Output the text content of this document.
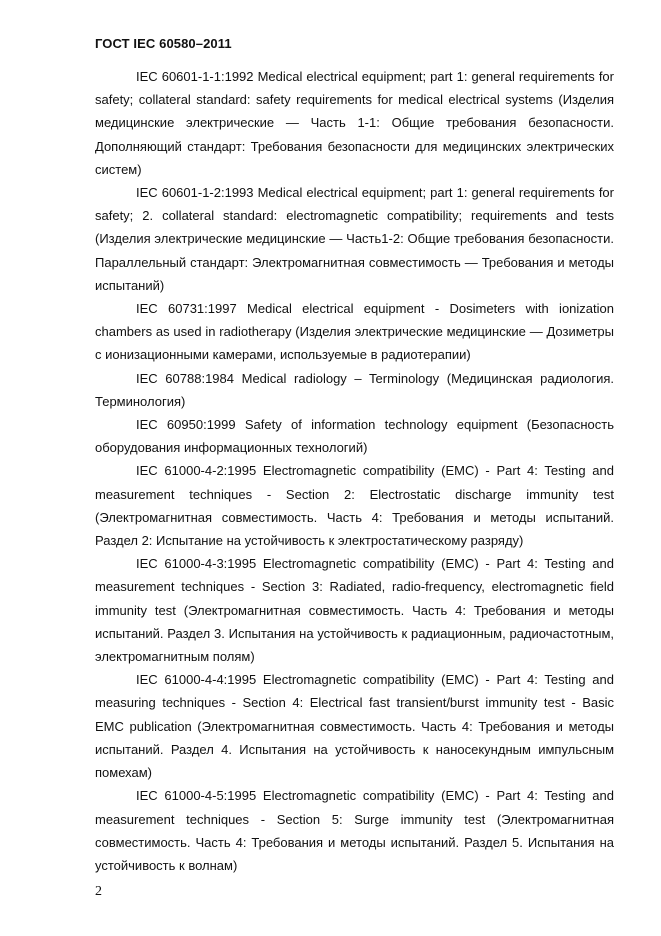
ГОСТ IEC 60580–2011

IEC 60601-1-1:1992 Medical electrical equipment; part 1: general requirements for safety; collateral standard: safety requirements for medical electrical systems (Изделия медицинские электрические — Часть 1-1: Общие требования безопасности. Дополняющий стандарт: Требования безопасности для медицинских электрических систем)

IEC 60601-1-2:1993 Medical electrical equipment; part 1: general requirements for safety; 2. collateral standard: electromagnetic compatibility; requirements and tests (Изделия электрические медицинские — Часть1-2: Общие требования безопасности. Параллельный стандарт: Электромагнитная совместимость — Требования и методы испытаний)

IEC 60731:1997 Medical electrical equipment - Dosimeters with ionization chambers as used in radiotherapy (Изделия электрические медицинские — Дозиметры с ионизационными камерами, используемые в радиотерапии)

IEC 60788:1984 Medical radiology – Terminology (Медицинская радиология. Терминология)

IEC 60950:1999 Safety of information technology equipment (Безопасность оборудования информационных технологий)

IEC 61000-4-2:1995 Electromagnetic compatibility (EMC) - Part 4: Testing and measurement techniques - Section 2: Electrostatic discharge immunity test (Электромагнитная совместимость. Часть 4: Требования и методы испытаний. Раздел 2: Испытание на устойчивость к электростатическому разряду)

IEC 61000-4-3:1995 Electromagnetic compatibility (EMC) - Part 4: Testing and measurement techniques - Section 3: Radiated, radio-frequency, electromagnetic field immunity test (Электромагнитная совместимость. Часть 4: Требования и методы испытаний. Раздел 3. Испытания на устойчивость к радиационным, радиочастотным, электромагнитным полям)

IEC 61000-4-4:1995 Electromagnetic compatibility (EMC) - Part 4: Testing and measuring techniques - Section 4: Electrical fast transient/burst immunity test - Basic EMC publication (Электромагнитная совместимость. Часть 4: Требования и методы испытаний. Раздел 4. Испытания на устойчивость к наносекундным импульсным помехам)

IEC 61000-4-5:1995 Electromagnetic compatibility (EMC) - Part 4: Testing and measurement techniques - Section 5: Surge immunity test (Электромагнитная совместимость. Часть 4: Требования и методы испытаний. Раздел 5. Испытания на устойчивость к волнам)

2
